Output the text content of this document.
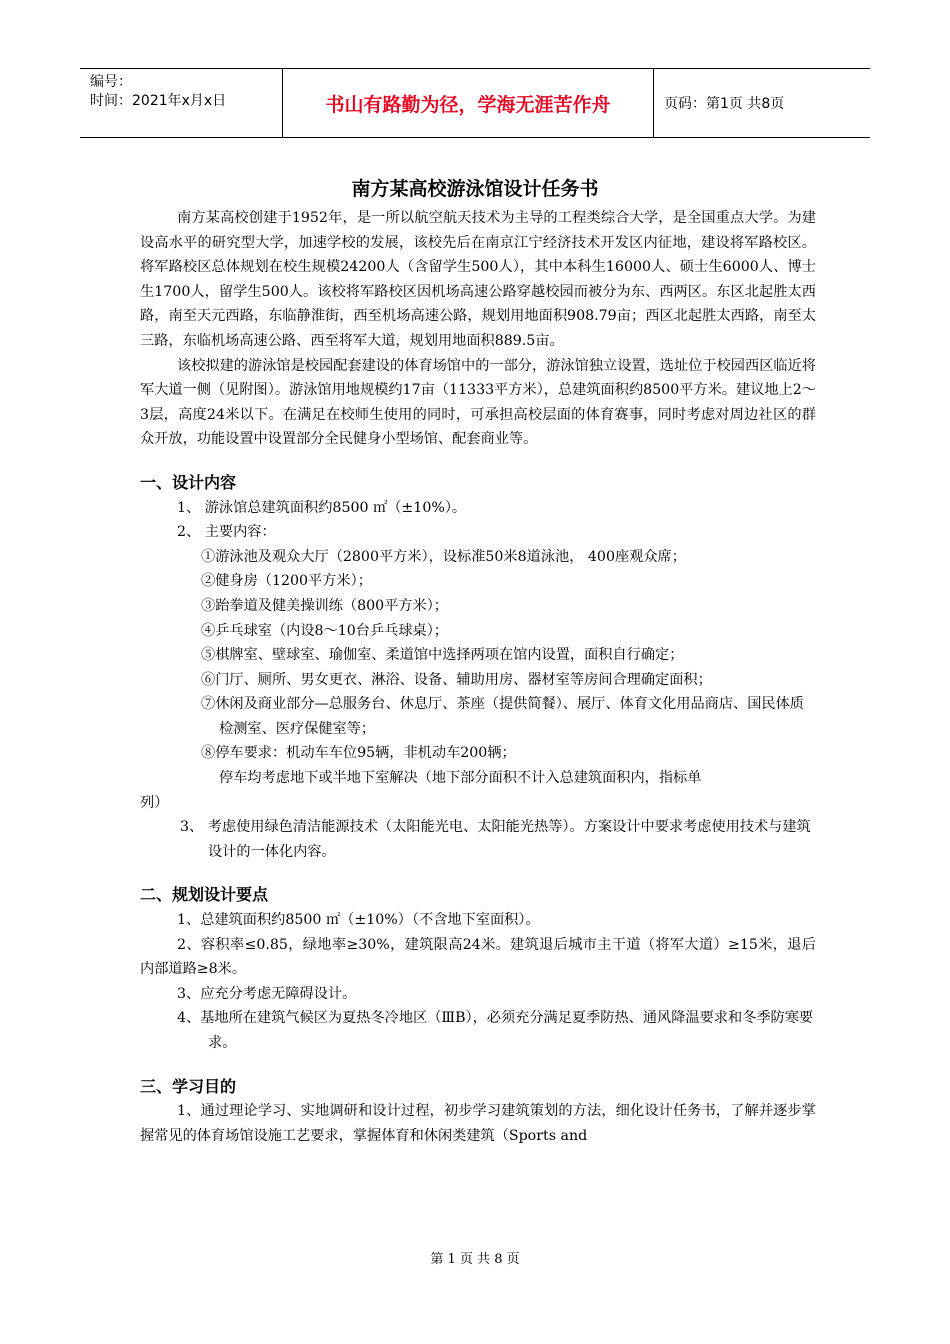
编号：
时间：2021年x月x日	书山有路勤为径，学海无涯苦作舟	页码：第1页 共8页
南方某高校游泳馆设计任务书

南方某高校创建于1952年，是一所以航空航天技术为主导的工程类综合大学，是全国重点大学。为建设高水平的研究型大学，加速学校的发展，该校先后在南京江宁经济技术开发区内征地，建设将军路校区。将军路校区总体规划在校生规模24200人（含留学生500人），其中本科生16000人、硕士生6000人、博士生1700人，留学生500人。该校将军路校区因机场高速公路穿越校园而被分为东、西两区。东区北起胜太西路，南至天元西路，东临静淮街，西至机场高速公路，规划用地面积908.79亩；西区北起胜太西路，南至太三路，东临机场高速公路、西至将军大道，规划用地面积889.5亩。

该校拟建的游泳馆是校园配套建设的体育场馆中的一部分，游泳馆独立设置，选址位于校园西区临近将军大道一侧（见附图）。游泳馆用地规模约17亩（11333平方米），总建筑面积约8500平方米。建议地上2～3层，高度24米以下。在满足在校师生使用的同时，可承担高校层面的体育赛事，同时考虑对周边社区的群众开放，功能设置中设置部分全民健身小型场馆、配套商业等。

一、设计内容

1、 游泳馆总建筑面积约8500 ㎡（±10%）。

2、 主要内容：

①游泳池及观众大厅（2800平方米），设标准50米8道泳池， 400座观众席；

②健身房（1200平方米）；

③跆拳道及健美操训练（800平方米）；

④乒乓球室（内设8～10台乒乓球桌）；

⑤棋牌室、壁球室、瑜伽室、柔道馆中选择两项在馆内设置，面积自行确定；

⑥门厅、厕所、男女更衣、淋浴、设备、辅助用房、器材室等房间合理确定面积；

⑦休闲及商业部分—总服务台、休息厅、茶座（提供简餐）、展厅、体育文化用品商店、国民体质检测室、医疗保健室等；

⑧停车要求：机动车车位95辆，非机动车200辆；

停车均考虑地下或半地下室解决（地下部分面积不计入总建筑面积内，指标单

列）

3、 考虑使用绿色清洁能源技术（太阳能光电、太阳能光热等）。方案设计中要求考虑使用技术与建筑设计的一体化内容。

二、规划设计要点

1、总建筑面积约8500 ㎡（±10%）（不含地下室面积）。

2、容积率≤0.85，绿地率≥30%，建筑限高24米。建筑退后城市主干道（将军大道）≥15米，退后内部道路≥8米。

3、应充分考虑无障碍设计。

4、基地所在建筑气候区为夏热冬冷地区（ⅢB），必须充分满足夏季防热、通风降温要求和冬季防寒要求。

三、学习目的

1、通过理论学习、实地调研和设计过程，初步学习建筑策划的方法，细化设计任务书，了解并逐步掌握常见的体育场馆设施工艺要求，掌握体育和休闲类建筑（Sports and

第 1 页 共 8 页
